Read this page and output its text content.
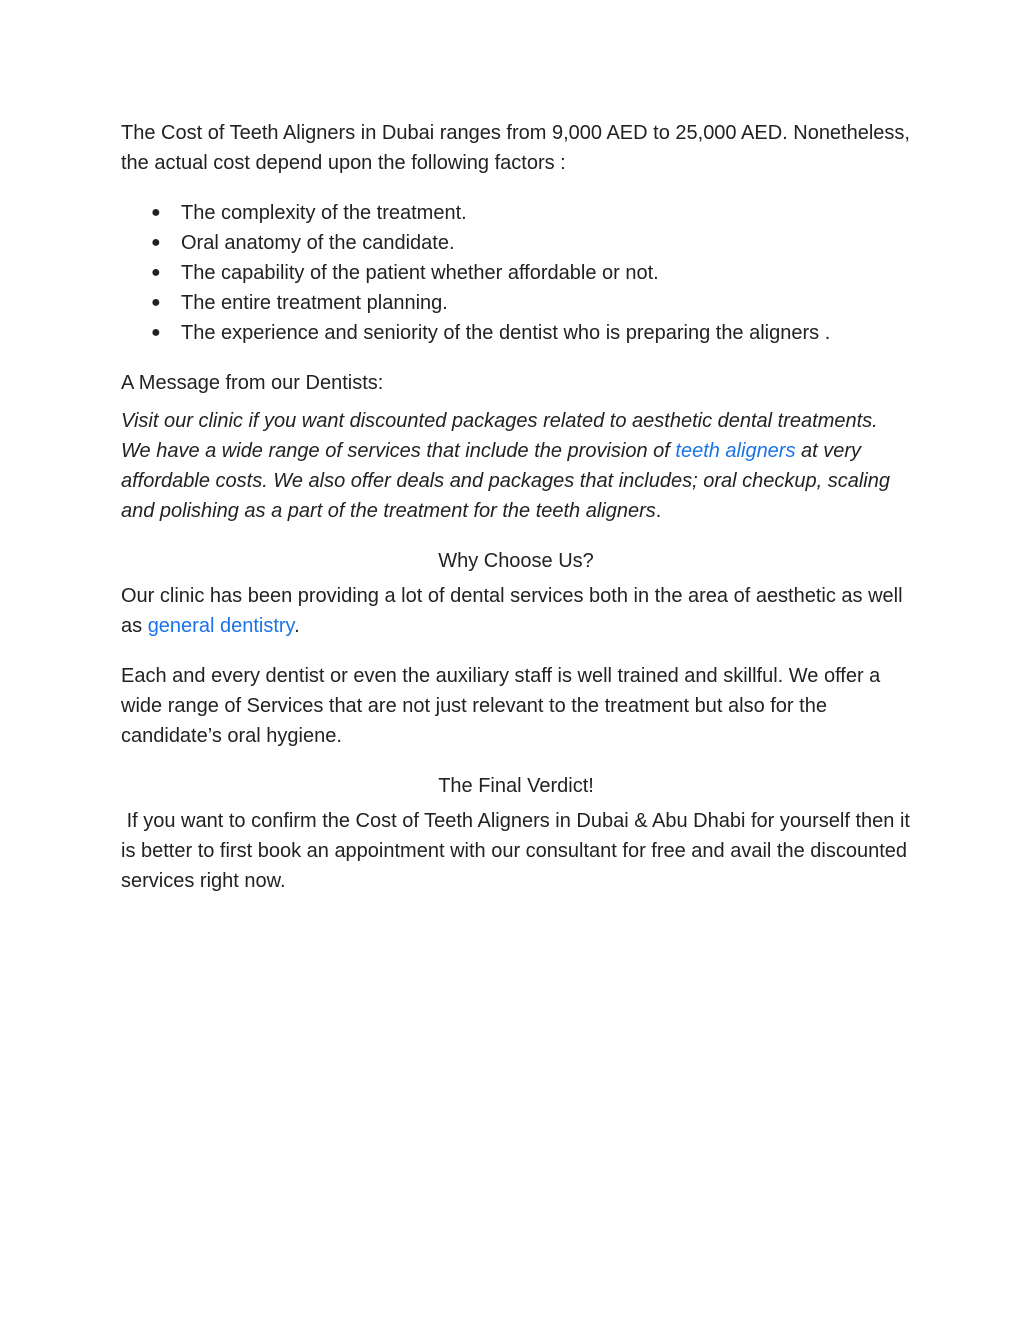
The Cost of Teeth Aligners in Dubai ranges from 9,000 AED to 25,000 AED. Nonetheless, the actual cost depend upon the following factors :

● The complexity of the treatment.
● Oral anatomy of the candidate.
● The capability of the patient whether affordable or not.
● The entire treatment planning.
● The experience and seniority of the dentist who is preparing the aligners .

A Message from our Dentists:

Visit our clinic if you want discounted packages related to aesthetic dental treatments. We have a wide range of services that include the provision of teeth aligners at very affordable costs. We also offer deals and packages that includes; oral checkup, scaling and polishing as a part of the treatment for the teeth aligners.

Why Choose Us?

Our clinic has been providing a lot of dental services both in the area of aesthetic as well as general dentistry.

Each and every dentist or even the auxiliary staff is well trained and skillful. We offer a wide range of Services that are not just relevant to the treatment but also for the candidate’s oral hygiene.

The Final Verdict!

If you want to confirm the Cost of Teeth Aligners in Dubai & Abu Dhabi for yourself then it is better to first book an appointment with our consultant for free and avail the discounted services right now.
